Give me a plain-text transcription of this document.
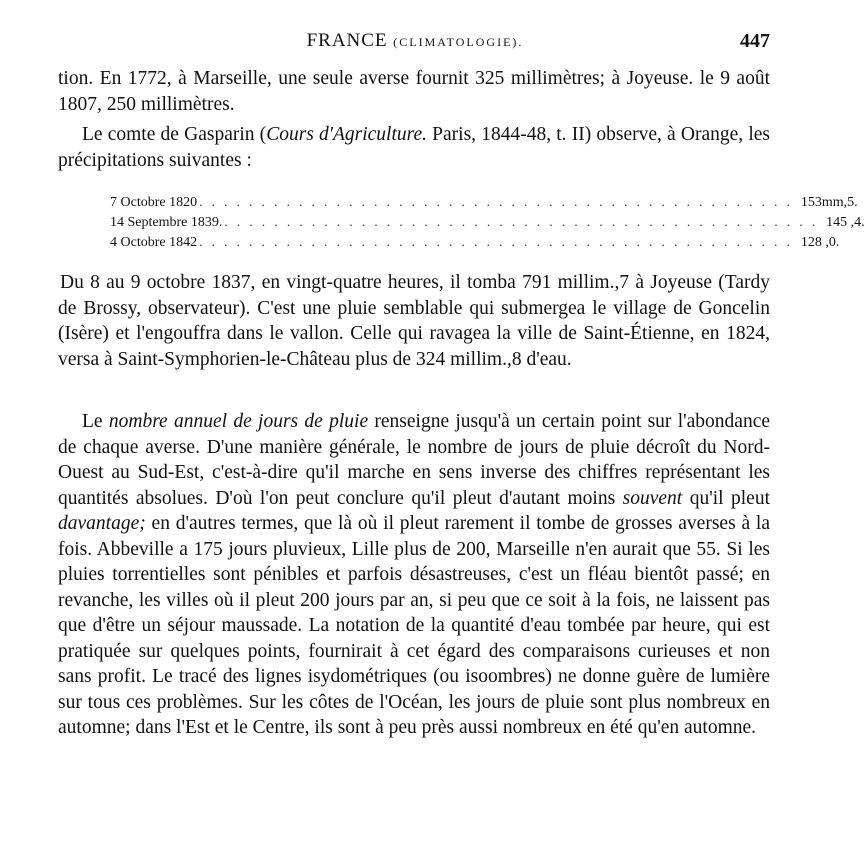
FRANCE (CLIMATOLOGIE).	447

tion. En 1772, à Marseille, une seule averse fournit 325 millimètres; à Joyeuse. le 9 août 1807, 250 millimètres.

Le comte de Gasparin (Cours d'Agriculture. Paris, 1844-48, t. II) observe, à Orange, les précipitations suivantes :

7 Octobre 1820 . . . . . . . . . . . . . . . . . . . . . . . . . . . . . . . . . . . . . . . . . . . . . . . . 153mm,5.
14 Septembre 1839. . . . . . . . . . . . . . . . . . . . . . . . . . . . . . . . . . . . . . . . . . . . . . . . . 145 ,4.
4 Octobre 1842 . . . . . . . . . . . . . . . . . . . . . . . . . . . . . . . . . . . . . . . . . . . . . . . . 128 ,0.

Du 8 au 9 octobre 1837, en vingt-quatre heures, il tomba 791 millim.,7 à Joyeuse (Tardy de Brossy, observateur). C'est une pluie semblable qui submergea le village de Goncelin (Isère) et l'engouffra dans le vallon. Celle qui ravagea la ville de Saint-Étienne, en 1824, versa à Saint-Symphorien-le-Château plus de 324 millim.,8 d'eau.

Le nombre annuel de jours de pluie renseigne jusqu'à un certain point sur l'abondance de chaque averse. D'une manière générale, le nombre de jours de pluie décroît du Nord-Ouest au Sud-Est, c'est-à-dire qu'il marche en sens inverse des chiffres représentant les quantités absolues. D'où l'on peut conclure qu'il pleut d'autant moins souvent qu'il pleut davantage; en d'autres termes, que là où il pleut rarement il tombe de grosses averses à la fois. Abbeville a 175 jours pluvieux, Lille plus de 200, Marseille n'en aurait que 55. Si les pluies torrentielles sont pénibles et parfois désastreuses, c'est un fléau bientôt passé; en revanche, les villes où il pleut 200 jours par an, si peu que ce soit à la fois, ne laissent pas que d'être un séjour maussade. La notation de la quantité d'eau tombée par heure, qui est pratiquée sur quelques points, fournirait à cet égard des comparaisons curieuses et non sans profit. Le tracé des lignes isydométriques (ou isoombres) ne donne guère de lumière sur tous ces problèmes. Sur les côtes de l'Océan, les jours de pluie sont plus nombreux en automne; dans l'Est et le Centre, ils sont à peu près aussi nombreux en été qu'en automne.
